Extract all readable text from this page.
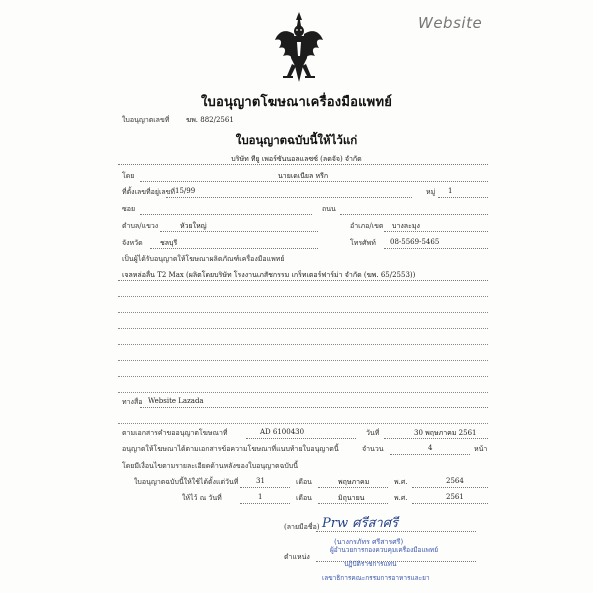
Website
ใบอนุญาตโฆษณาเครื่องมือแพทย์
ใบอนุญาตเลขที่ ฆพ. 882/2561
ใบอนุญาตฉบับนี้ให้ไว้แก่
บริษัท ทียู เพอร์ซันนอลแลซซ์ (ลดจัจ) จำกัด
โดย	นายเดเนียล หรีก
ที่ตั้งเลขที่อยู่เลขที่ 15/99	หมู่ 1
ซอย	ถนน
ตำบล/แขวง	หัวยใหญ่	อำเภอ/เขต บางละมุง
จังหวัด ชลบุรี	โทรศัพท์ 08-5569-5465
เป็นผู้ได้รับอนุญาตให้โฆษณาผลิตภัณฑ์เครื่องมือแพทย์
เจลหล่อลื่น T2 Max (ผลิตโดยบริษัท โรงงานเภสัชกรรม เกร็ทเตอร์ฟาร์ม่า จำกัด (ฆพ. 65/2553))
ทางสื่อ Website Lazada
ตามเอกสารคำขออนุญาตโฆษณาที่	AD 6100430	วันที่	30 พฤษภาคม 2561
อนุญาตให้โฆษณาได้ตามเอกสารข้อความโฆษณาที่แนบท้ายใบอนุญาตนี้	จำนวน	4	หน้า
โดยมีเงื่อนไขตามรายละเอียดด้านหลังของใบอนุญาตฉบับนี้
ใบอนุญาตฉบับนี้ให้ใช้ได้ตั้งแต่วันที่	31	เดือน	พฤษภาคม	พ.ศ.	2564
ให้ไว้ ณ วันที่	1	เดือน	มิถุนายน	พ.ศ.	2561
(ลายมือชื่อ) Prw ศรีสาศรี
(นางกรภัทร ศรีสารศรี)
ตำแหน่ง
ผู้อำนวยการกองควบคุมเครื่องมือแพทย์
ปฏิบัติราชการแทน
เลขาธิการคณะกรรมการอาหารและยา
